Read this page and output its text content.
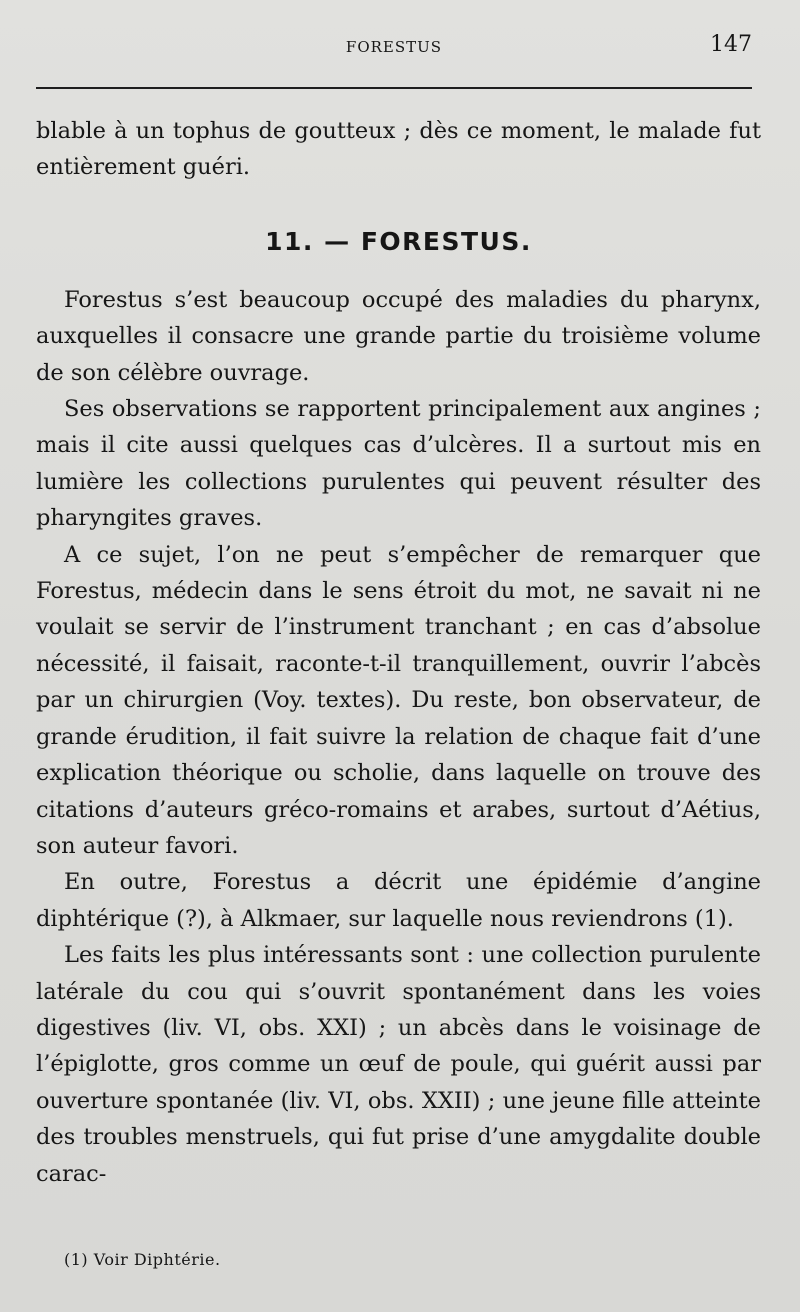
FORESTUS	147

blable à un tophus de goutteux ; dès ce moment, le malade fut entièrement guéri.

11. — FORESTUS.

Forestus s’est beaucoup occupé des maladies du pharynx, auxquelles il consacre une grande partie du troisième volume de son célèbre ouvrage.

Ses observations se rapportent principalement aux angines ; mais il cite aussi quelques cas d’ulcères. Il a surtout mis en lumière les collections purulentes qui peuvent résulter des pharyngites graves.

A ce sujet, l’on ne peut s’empêcher de remarquer que Forestus, médecin dans le sens étroit du mot, ne savait ni ne voulait se servir de l’instrument tranchant ; en cas d’absolue nécessité, il faisait, raconte-t-il tranquillement, ouvrir l’abcès par un chirurgien (Voy. textes). Du reste, bon observateur, de grande érudition, il fait suivre la relation de chaque fait d’une explication théorique ou scholie, dans laquelle on trouve des citations d’auteurs gréco-romains et arabes, surtout d’Aétius, son auteur favori.

En outre, Forestus a décrit une épidémie d’angine diphtérique (?), à Alkmaer, sur laquelle nous reviendrons (1).

Les faits les plus intéressants sont : une collection purulente latérale du cou qui s’ouvrit spontanément dans les voies digestives (liv. VI, obs. XXI) ; un abcès dans le voisinage de l’épiglotte, gros comme un œuf de poule, qui guérit aussi par ouverture spontanée (liv. VI, obs. XXII) ; une jeune fille atteinte des troubles menstruels, qui fut prise d’une amygdalite double carac-

(1) Voir Diphtérie.
